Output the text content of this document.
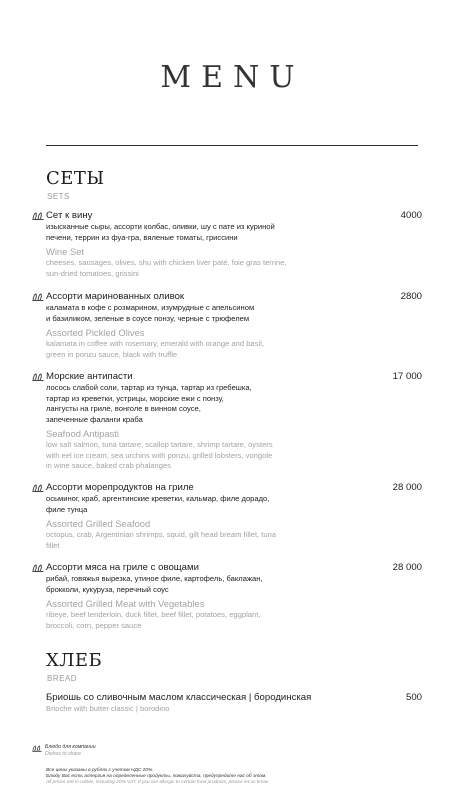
MENU
СЕТЫ
SETS
Сет к вину	4000
изысканные сыры, ассорти колбас, оливки, шу с пате из куриной
печени, террин из фуа-гра, вяленые томаты, гриссини
Wine Set
cheeses, sausages, olives, shu with chicken liver paté, foie gras terrine,
sun-dried tomatoes, grissini
Ассорти маринованных оливок	2800
каламата в кофе с розмарином, изумрудные с апельсином
и базиликом, зеленые в соусе понзу, черные с трюфелем
Assorted Pickled Olives
kalamata in coffee with rosemary, emerald with orange and basil,
green in ponzu sauce, black with truffle
Морские антипасти	17 000
лосось слабой соли, тартар из тунца, тартар из гребешка,
тартар из креветки, устрицы, морские ежи с понзу,
лангусты на гриле, вонголе в винном соусе,
запеченные фаланги краба
Seafood Antipasti
low salt salmon, tuna tartare, scallop tartare, shrimp tartare, oysters
with eel ice cream, sea urchins with ponzu, grilled lobsters, vongole
in wine sauce, baked crab phalanges
Ассорти морепродуктов на гриле	28 000
осьминог, краб, аргентинские креветки, кальмар, филе дорадо,
филе тунца
Assorted Grilled Seafood
octopus, crab, Argentinian shrimps, squid, gilt head bream fillet, tuna
fillet
Ассорти мяса на гриле с овощами	28 000
рибай, говяжья вырезка, утиное филе, картофель, баклажан,
брокколи, кукуруза, перечный соус
Assorted Grilled Meat with Vegetables
ribeye, beef tenderloin, duck fillet, beef fillet, potatoes, eggplant,
broccoli, corn, pepper sauce
ХЛЕБ
BREAD
Бриошь со сливочным маслом классическая | бородинская	500
Brioche with butter classic | borodino
Блюдо для компании
Dishes to share
Все цены указаны в рублях с учетом НДС 20%.
Блюду Вас есть аллергия на определенные продукты, пожалуйста, предупредите нас об этом.
All prices are in rubles, including 20% VAT. If you are allergic to certain food products, please let us know
